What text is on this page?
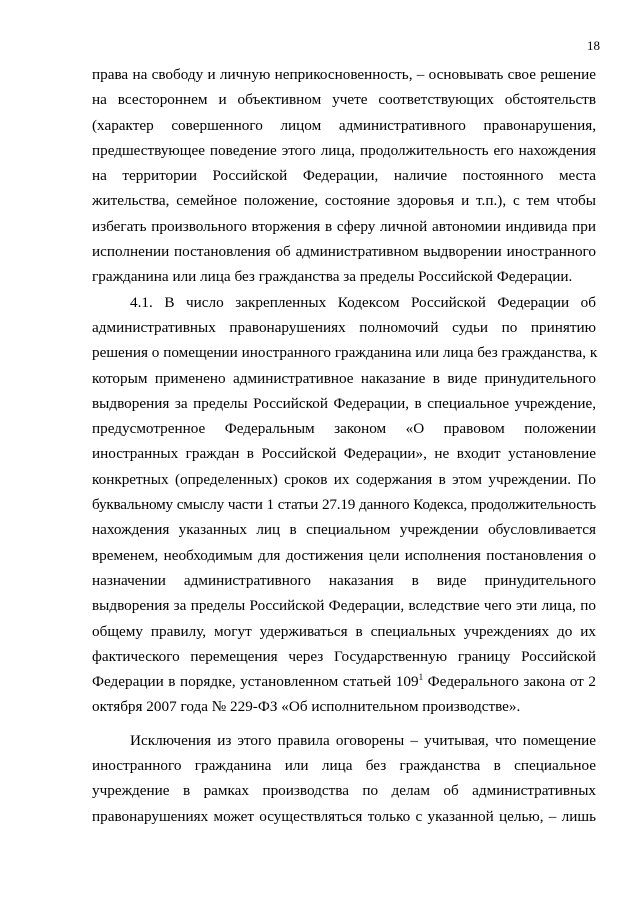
18
права на свободу и личную неприкосновенность, – основывать свое решение
на всестороннем и объективном учете соответствующих обстоятельств
(характер совершенного лицом административного правонарушения,
предшествующее поведение этого лица, продолжительность его нахождения
на территории Российской Федерации, наличие постоянного места
жительства, семейное положение, состояние здоровья и т.п.), с тем чтобы
избегать произвольного вторжения в сферу личной автономии индивида при
исполнении постановления об административном выдворении иностранного
гражданина или лица без гражданства за пределы Российской Федерации.
4.1. В число закрепленных Кодексом Российской Федерации об
административных правонарушениях полномочий судьи по принятию
решения о помещении иностранного гражданина или лица без гражданства, к
которым применено административное наказание в виде принудительного
выдворения за пределы Российской Федерации, в специальное учреждение,
предусмотренное Федеральным законом «О правовом положении
иностранных граждан в Российской Федерации», не входит установление
конкретных (определенных) сроков их содержания в этом учреждении. По
буквальному смыслу части 1 статьи 27.19 данного Кодекса, продолжительность
нахождения указанных лиц в специальном учреждении обусловливается
временем, необходимым для достижения цели исполнения постановления о
назначении административного наказания в виде принудительного
выдворения за пределы Российской Федерации, вследствие чего эти лица, по
общему правилу, могут удерживаться в специальных учреждениях до их
фактического перемещения через Государственную границу Российской
Федерации в порядке, установленном статьей $109^1$ Федерального закона от 2
октября 2007 года № 229-ФЗ «Об исполнительном производстве».
Исключения из этого правила оговорены – учитывая, что помещение
иностранного гражданина или лица без гражданства в специальное
учреждение в рамках производства по делам об административных
правонарушениях может осуществляться только с указанной целью, – лишь
